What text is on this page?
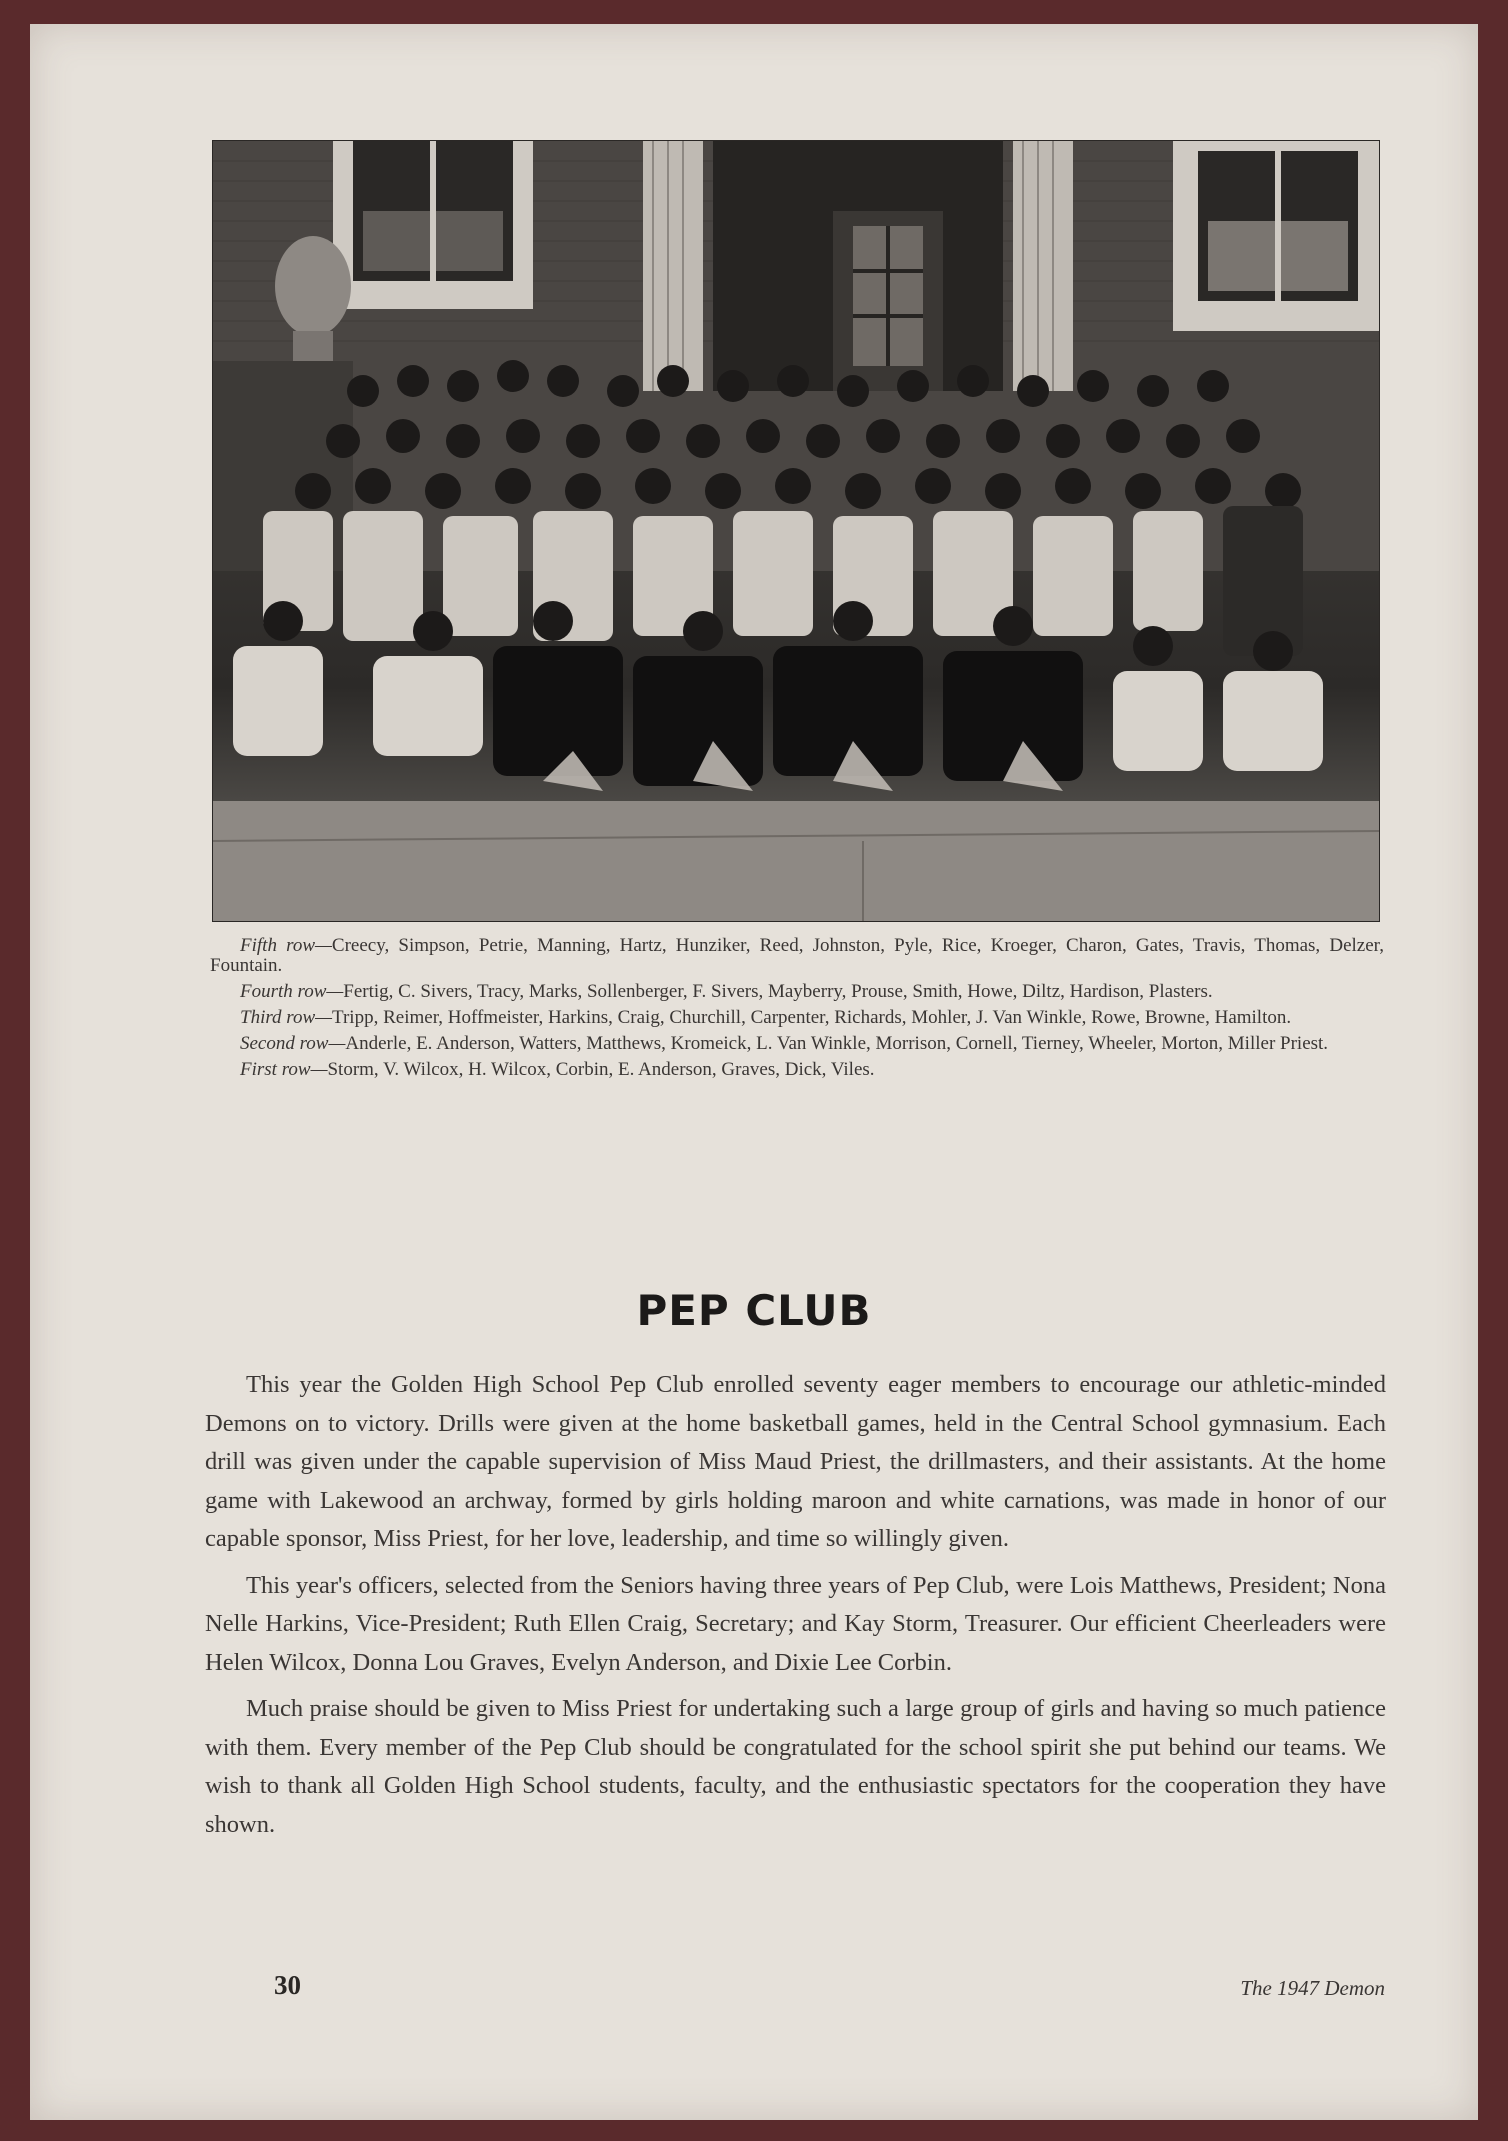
Fifth row—Creecy, Simpson, Petrie, Manning, Hartz, Hunziker, Reed, Johnston, Pyle, Rice, Kroeger, Charon, Gates, Travis, Thomas, Delzer, Fountain.

Fourth row—Fertig, C. Sivers, Tracy, Marks, Sollenberger, F. Sivers, Mayberry, Prouse, Smith, Howe, Diltz, Hardison, Plasters.

Third row—Tripp, Reimer, Hoffmeister, Harkins, Craig, Churchill, Carpenter, Richards, Mohler, J. Van Winkle, Rowe, Browne, Hamilton.

Second row—Anderle, E. Anderson, Watters, Matthews, Kromeick, L. Van Winkle, Morrison, Cornell, Tierney, Wheeler, Morton, Miller Priest.

First row—Storm, V. Wilcox, H. Wilcox, Corbin, E. Anderson, Graves, Dick, Viles.

PEP CLUB

This year the Golden High School Pep Club enrolled seventy eager members to encourage our athletic-minded Demons on to victory. Drills were given at the home basketball games, held in the Central School gymnasium. Each drill was given under the capable supervision of Miss Maud Priest, the drillmasters, and their assistants. At the home game with Lakewood an archway, formed by girls holding maroon and white carnations, was made in honor of our capable sponsor, Miss Priest, for her love, leadership, and time so willingly given.

This year's officers, selected from the Seniors having three years of Pep Club, were Lois Matthews, President; Nona Nelle Harkins, Vice-President; Ruth Ellen Craig, Secretary; and Kay Storm, Treasurer. Our efficient Cheerleaders were Helen Wilcox, Donna Lou Graves, Evelyn Anderson, and Dixie Lee Corbin.

Much praise should be given to Miss Priest for undertaking such a large group of girls and having so much patience with them. Every member of the Pep Club should be congratulated for the school spirit she put behind our teams. We wish to thank all Golden High School students, faculty, and the enthusiastic spectators for the cooperation they have shown.

30	The 1947 Demon
